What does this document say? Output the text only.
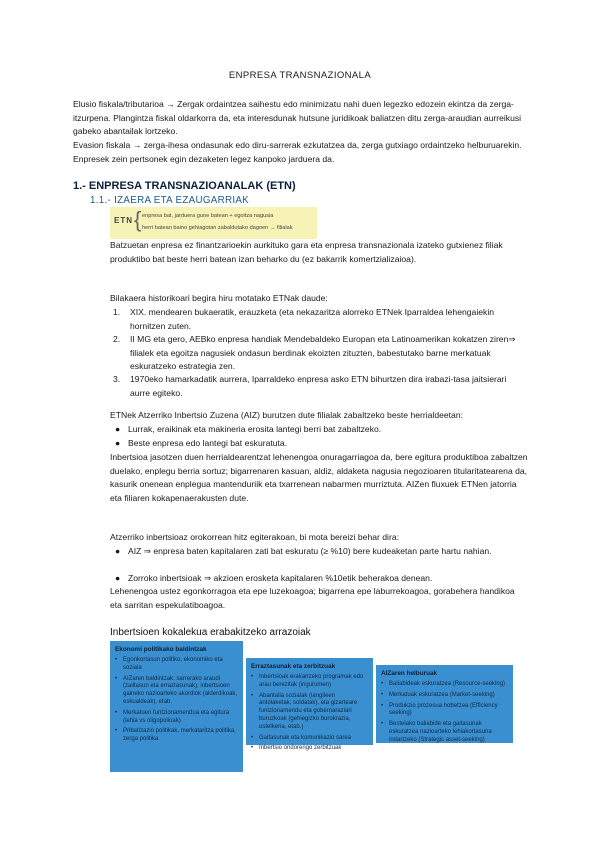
ENPRESA TRANSNAZIONALA
Elusio fiskala/tributarioa → Zergak ordaintzea saihestu edo minimizatu nahi duen legezko edozein ekintza da zerga-itzurpena. Plangintza fiskal oldarkorra da, eta interesdunak hutsune juridikoak baliatzen ditu zerga-araudian aurreikusi gabeko abantailak lortzeko.
Evasion fiskala → zerga-ihesa ondasunak edo diru-sarrerak ezkutatzea da, zerga gutxiago ordaintzeko helburuarekin. Enpresek zein pertsonek egin dezaketen legez kanpoko jarduera da.
1.- ENPRESA TRANSNAZIOANALAK (ETN)
1.1.- IZAERA ETA EZAUGARRIAK
ETN { enpresa bat, jarduera gune batean + egoitza nagusia
herri batean baino gehiagotan zabaldutako dagoen → filialak
Batzuetan enpresa ez finantzarioekin aurkituko gara eta enpresa transnazionala izateko gutxienez filiak produktibo bat beste herri batean izan beharko du (ez bakarrik komertzializaioa).
Bilakaera historikoari begira hiru motatako ETNak daude:
1. XIX. mendearen bukaeratik, erauzketa (eta nekazaritza alorreko ETNek Iparraldea lehengaiekin hornitzen zuten.
2. II MG eta gero, AEBko enpresa handiak Mendebaldeko Europan eta Latinoamerikan kokatzen ziren⇒ filialek eta egoitza nagusiek ondasun berdinak ekoizten zituzten, babestutako barne merkatuak eskuratzeko estrategia zen.
3. 1970eko hamarkadatik aurrera, Iparraldeko enpresa asko ETN bihurtzen dira irabazi-tasa jaitsierari aurre egiteko.
ETNek Atzerriko Inbertsio Zuzena (AIZ) burutzen dute filialak zabaltzeko beste herrialdeetan:
● Lurrak, eraikinak eta makineria erosita lantegi berri bat zabaltzeko.
● Beste enpresa edo lantegi bat eskuratuta.
Inbertsioa jasotzen duen herrialdearentzat lehenengoa onuragarriagoa da, bere egitura produktiboa zabaltzen duelako, enplegu berria sortuz; bigarrenaren kasuan, aldiz, aldaketa nagusia negozioaren titularitatearena da, kasurik onenean enplegua mantenduriik eta txarrenean nabarmen murriztuta. AIZen fluxuek ETNen jatorria eta filiaren kokapenaerakusten dute.
Atzerriko inbertsioaz orokorrean hitz egiterakoan, bi mota bereizi behar dira:
● AIZ ⇒ enpresa baten kapitalaren zati bat eskuratu (≥ %10) bere kudeaketan parte hartu nahian.
● Zorroko inbertsioak ⇒ akzioen erosketa kapitalaren %10etik beherakoa denean.
Lehenengoa ustez egonkorragoa eta epe luzekoagoa; bigarrena epe laburrekoagoa, gorabehera handikoa eta sarritan espekulatiboagoa.
Inbertsioen kokalekua erabakitzeko arrazoiak
Ekonomi politikako baldintzak
• Egonkortasun politiko, ekonomiko eta soziala
• AIZaren baldintzak: sarrerako araudi (zailtasun eta erraztasunak), inbertsioen gaineko nazioarteko akordiok (alderdikoak, eskualdeak), etab.
• Merkatuen funtzionamendua eta egitura (lehia vs oligopolioak)
• Pribatizazio politikak, merkataritza politika, zerga politika
Erraztasunak eta zerbitzuak
• Inbertsioak erakartzeko programak edo arau berezitak (ingurumen)
• Abantaila sozialak (langileen antolaketak, soldatak), eta gizarteare funtzionamendu eta gobernaraziari buruzkoak (gehiegizko burokrazia, ustelkeria, etab.)
• Gaitasunak eta komunikazio sarea
• Inbertsio ondorengo zerbitzuak
AIZaren helburuak
• Baliabideak eskuratzea (Resource-seeking)
• Merkatuak eskuratzea (Market-seeking)
• Produkzio prozesua hobetzea (Efficiency seeking)
• Bestelako baliabide eta gaitasunak eskuratzea nazioarteko lehiakortasuna indartzeko (Strategic asset-seeking)
